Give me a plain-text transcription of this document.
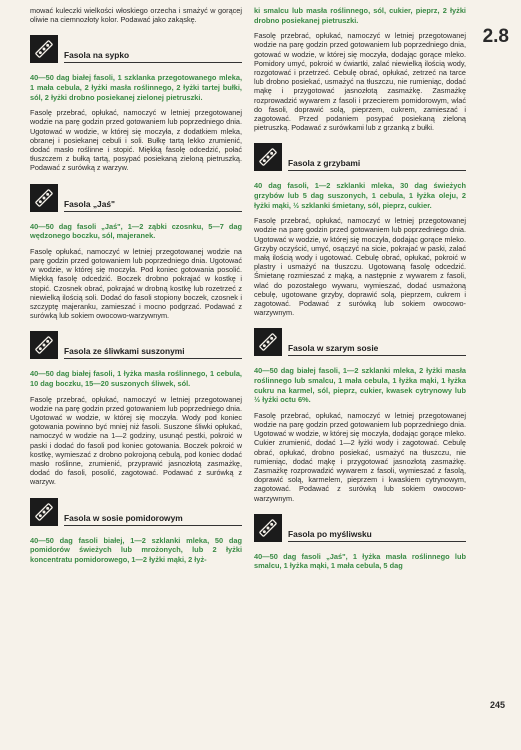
2.8

mować kuleczki wielkości włoskiego orzecha i smażyć w gorącej oliwie na ciemnozłoty kolor. Podawać jako zakąskę.

Fasola na sypko

40—50 dag białej fasoli, 1 szklanka przegotowanego mleka, 1 mała cebula, 2 łyżki masła roślinnego, 2 łyżki tartej bułki, sól, 2 łyżki drobno posiekanej zielonej pietruszki.

Fasolę przebrać, opłukać, namoczyć w letniej przegotowanej wodzie na parę godzin przed gotowaniem lub poprzedniego dnia. Ugotować w wodzie, w której się moczyła, z dodatkiem mleka, obranej i posiekanej cebuli i soli. Bułkę tartą lekko zrumienić, dodać masło roślinne i stopić. Miękką fasolę odcedzić, połać tłuszczem z bułką tartą, posypać posiekaną zieloną pietruszką. Podawać z surówką z warzyw.

Fasola „Jaś"

40—50 dag fasoli „Jaś", 1—2 ząbki czosnku, 5—7 dag wędzonego boczku, sól, majeranek.

Fasolę opłukać, namoczyć w letniej przegotowanej wodzie na parę godzin przed gotowaniem lub poprzedniego dnia. Ugotować w wodzie, w której się moczyła. Pod koniec gotowania posolić. Miękką fasolę odcedzić. Boczek drobno pokrajać w kostkę i stopić. Czosnek obrać, pokrajać w drobną kostkę lub rozetrzeć z niewielką ilością soli. Dodać do fasoli stopiony boczek, czosnek i szczyptę majeranku, zamieszać i mocno podgrzać. Podawać z surówką lub sokiem owocowo-warzywnym.

Fasola ze śliwkami suszonymi

40—50 dag białej fasoli, 1 łyżka masła roślinnego, 1 cebula, 10 dag boczku, 15—20 suszonych śliwek, sól.

Fasolę przebrać, opłukać, namoczyć w letniej przegotowanej wodzie na parę godzin przed gotowaniem lub poprzedniego dnia. Ugotować w wodzie, w której się moczyła. Wody pod koniec gotowania powinno być mniej niż fasoli. Suszone śliwki opłukać, namoczyć w wodzie na 1—2 godziny, usunąć pestki, pokroić w paski i dodać do fasoli pod koniec gotowania. Boczek pokroić w kostkę, wymieszać z drobno pokrojoną cebulą, pod koniec dodać masło roślinne, zrumienić, przyprawić jasnozłotą zasmażkę, dodać do fasoli, posolić, zagotować. Podawać z surówką z warzyw.

Fasola w sosie pomidorowym

40—50 dag fasoli białej, 1—2 szklanki mleka, 50 dag pomidorów świeżych lub mrożonych, lub 2 łyżki koncentratu pomidorowego, 1—2 łyżki mąki, 2 łyż-

ki smalcu lub masła roślinnego, sól, cukier, pieprz, 2 łyżki drobno posiekanej pietruszki.

Fasolę przebrać, opłukać, namoczyć w letniej przegotowanej wodzie na parę godzin przed gotowaniem lub poprzedniego dnia, gotować w wodzie, w której się moczyła, dodając gorące mleko. Pomidory umyć, pokroić w ćwiartki, zalać niewielką ilością wody, rozgotować i przetrzeć. Cebulę obrać, opłukać, zetrzeć na tarce lub drobno posiekać, usmażyć na tłuszczu, nie rumieniąc, dodać mąkę i przygotować jasnozłotą zasmażkę. Zasmażkę rozprowadzić wywarem z fasoli i przecierem pomidorowym, wlać do fasoli, doprawić solą, pieprzem, cukrem, zamieszać i zagotować. Przed podaniem posypać posiekaną zieloną pietruszką. Podawać z surówkami lub z grzanką z bułki.

Fasola z grzybami

40 dag fasoli, 1—2 szklanki mleka, 30 dag świeżych grzybów lub 5 dag suszonych, 1 cebula, 1 łyżka oleju, 2 łyżki mąki, ½ szklanki śmietany, sól, pieprz, cukier.

Fasolę przebrać, opłukać, namoczyć w letniej przegotowanej wodzie na parę godzin przed gotowaniem lub poprzedniego dnia. Ugotować w wodzie, w której się moczyła, dodając gorące mleko. Grzyby oczyścić, umyć, osączyć na sicie, pokrajać w paski, zalać małą ilością wody i ugotować. Cebulę obrać, opłukać, pokroić w plastry i usmażyć na tłuszczu. Ugotowaną fasolę odcedzić. Śmietanę rozmieszać z mąką, a następnie z wywarem z fasoli, wlać do pozostałego wywaru, wymieszać, dodać usmażoną cebulę, ugotowane grzyby, doprawić solą, pieprzem, cukrem i zagotować. Podawać z surówką lub sokiem owocowo-warzywnym.

Fasola w szarym sosie

40—50 dag białej fasoli, 1—2 szklanki mleka, 2 łyżki masła roślinnego lub smalcu, 1 mała cebula, 1 łyżka mąki, 1 łyżka cukru na karmel, sól, pieprz, cukier, kwasek cytrynowy lub ½ łyżki octu 6%.

Fasolę przebrać, opłukać, namoczyć w letniej przegotowanej wodzie na parę godzin przed gotowaniem lub poprzedniego dnia. Ugotować w wodzie, w której się moczyła, dodając gorące mleko. Cukier zrumienić, dodać 1—2 łyżki wody i zagotować. Cebulę obrać, opłukać, drobno posiekać, usmażyć na tłuszczu, nie rumieniąc, dodać mąkę i przygotować jasnozłotą zasmażkę. Zasmażkę rozprowadzić wywarem z fasoli, wymieszać z fasolą, doprawić solą, karmelem, pieprzem i kwaskiem cytrynowym, zagotować. Podawać z surówką lub sokiem owocowo-warzywnym.

Fasola po myśliwsku

40—50 dag fasoli „Jaś", 1 łyżka masła roślinnego lub smalcu, 1 łyżka mąki, 1 mała cebula, 5 dag

245
